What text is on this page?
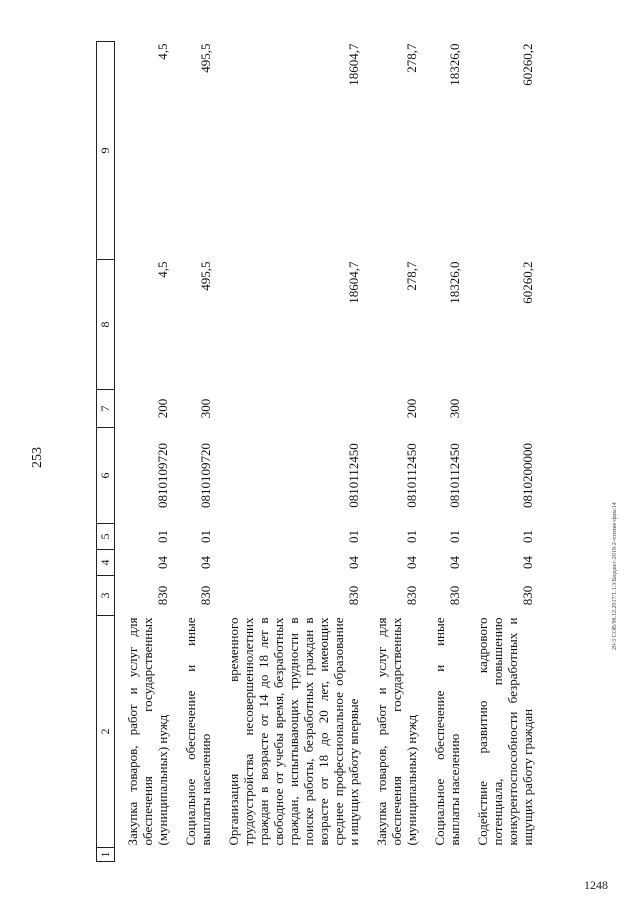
253
1	2	3	4	5	6	7	8	9
	Закупка товаров, работ и услуг для обеспечения государственных (муниципальных) нужд	830	04	01	0810109720	200	4,5	4,5
	Социальное обеспечение и иные выплаты населению	830	04	01	0810109720	300	495,5	495,5
	Организация временного трудоустройства несовершеннолетних граждан в возрасте от 14 до 18 лет в свободное от учебы время, безработных граждан, испытывающих трудности в поиске работы, безработных граждан в возрасте от 18 до 20 лет, имеющих среднее профессиональное образование и ищущих работу впервые	830	04	01	0810112450		18604,7	18604,7
	Закупка товаров, работ и услуг для обеспечения государственных (муниципальных) нужд	830	04	01	0810112450	200	278,7	278,7
	Социальное обеспечение и иные выплаты населению	830	04	01	0810112450	300	18326,0	18326,0
	Содействие развитию кадрового потенциала, повышению конкурентоспособности безработных и ищущих работу граждан	830	04	01	0810200000		60260,2	60260,2
20-3 СОВ/98.12.2017/1.1.3/Бюджет-2018-2-чтение-фикс14
1248
